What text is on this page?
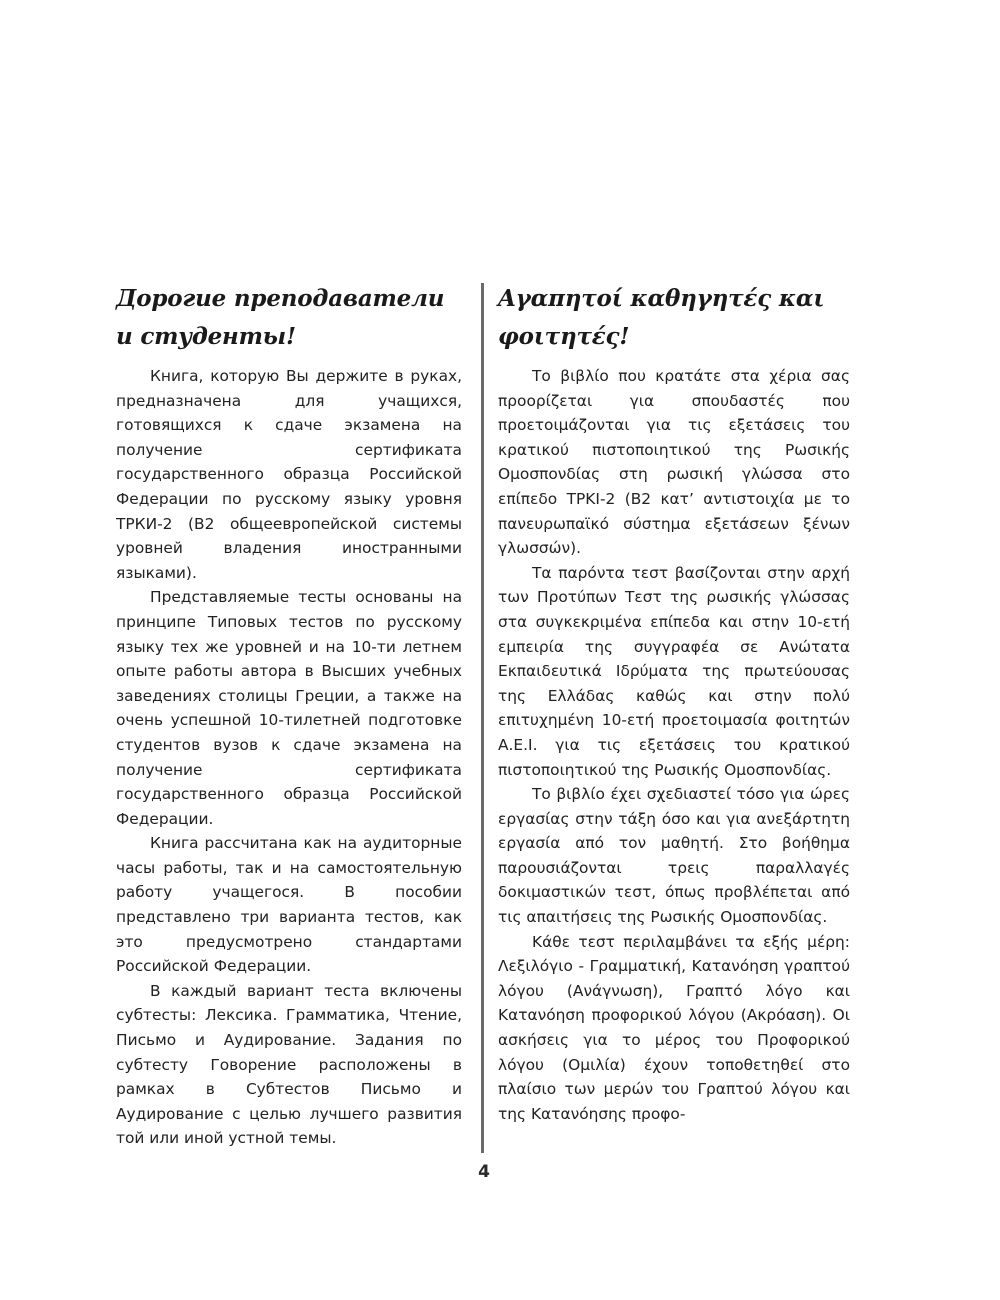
Дорогие преподаватели
и студенты!

Книга, которую Вы держите в руках, предназначена для учащихся, готовящихся к сдаче экзамена на получение сертификата государственного образца Российской Федерации по русскому языку уровня ТРКИ-2 (В2 общеевропейской системы уровней владения иностранными языками).

Представляемые тесты основаны на принципе Типовых тестов по русскому языку тех же уровней и на 10-ти летнем опыте работы автора в Высших учебных заведениях столицы Греции, а также на очень успешной 10-тилетней подготовке студентов вузов к сдаче экзамена на получение сертификата государственного образца Российской Федерации.

Книга рассчитана как на аудиторные часы работы, так и на самостоятельную работу учащегося. В пособии представлено три варианта тестов, как это предусмотрено стандартами Российской Федерации.

В каждый вариант теста включены субтесты: Лексика. Грамматика, Чтение, Письмо и Аудирование. Задания по субтесту Говорение расположены в рамках в Субтестов Письмо и Аудирование с целью лучшего развития той или иной устной темы.

Αγαπητοί καθηγητές και
φοιτητές!

Το βιβλίο που κρατάτε στα χέρια σας προορίζεται για σπουδαστές που προετοιμάζονται για τις εξετάσεις του κρατικού πιστοποιητικού της Ρωσικής Ομοσπονδίας στη ρωσική γλώσσα στο επίπεδο ΤΡΚΙ-2 (Β2 κατ’ αντιστοιχία με το πανευρωπαϊκό σύστημα εξετάσεων ξένων γλωσσών).

Τα παρόντα τεστ βασίζονται στην αρχή των Προτύπων Τεστ της ρωσικής γλώσσας στα συγκεκριμένα επίπεδα και στην 10-ετή εμπειρία της συγγραφέα σε Ανώτατα Εκπαιδευτικά Ιδρύματα της πρωτεύουσας της Ελλάδας καθώς και στην πολύ επιτυχημένη 10-ετή προετοιμασία φοιτητών Α.Ε.Ι. για τις εξετάσεις του κρατικού πιστοποιητικού της Ρωσικής Ομοσπονδίας.

Το βιβλίο έχει σχεδιαστεί τόσο για ώρες εργασίας στην τάξη όσο και για ανεξάρτητη εργασία από τον μαθητή. Στο βοήθημα παρουσιάζονται τρεις παραλλαγές δοκιμαστικών τεστ, όπως προβλέπεται από τις απαιτήσεις της Ρωσικής Ομοσπονδίας.

Κάθε τεστ περιλαμβάνει τα εξής μέρη: Λεξιλόγιο - Γραμματική, Κατανόηση γραπτού λόγου (Ανάγνωση), Γραπτό λόγο και Κατανόηση προφορικού λόγου (Ακρόαση). Οι ασκήσεις για το μέρος του Προφορικού λόγου (Ομιλία) έχουν τοποθετηθεί στο πλαίσιο των μερών του Γραπτού λόγου και της Κατανόησης προφο-

4
